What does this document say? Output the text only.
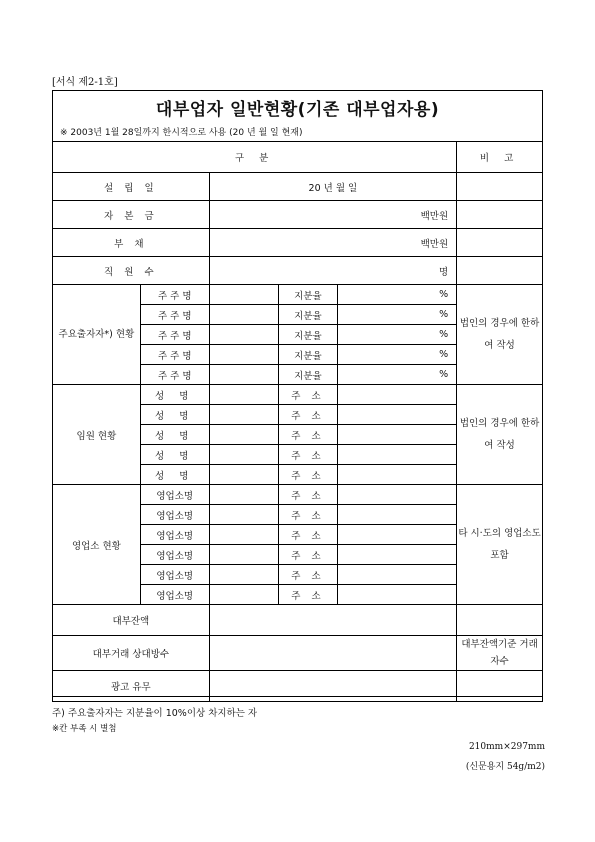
[서식 제2-1호]
대부업자 일반현황(기존 대부업자용)
※ 2003년 1월 28일까지 한시적으로 사용 (20 년 월 일 현재)
구 분					비 고
설 립 일		20 년 월 일			
자 본 금		백만원			
부 채		백만원			
직 원 수		명			
주요출자자*) 현황	주 주 명		지분율	%	법인의 경우에 한하여 작성
	주 주 명		지분율	%	
	주 주 명		지분율	%	
	주 주 명		지분율	%	
	주 주 명		지분율	%	
임원 현황	성 명		주 소		법인의 경우에 한하여 작성
	성 명		주 소		
	성 명		주 소		
	성 명		주 소		
	성 명		주 소		
영업소 현황	영업소명		주 소		타 시·도의 영업소도 포함
	영업소명		주 소		
	영업소명		주 소		
	영업소명		주 소		
	영업소명		주 소		
	영업소명		주 소		
대부잔액					
대부거래 상대방수					대부잔액기준 거래자수
광고 유무					
주) 주요출자자는 지분율이 10%이상 차지하는 자
※칸 부족 시 별첨
210mm×297mm
(신문용지 54g/m2)
